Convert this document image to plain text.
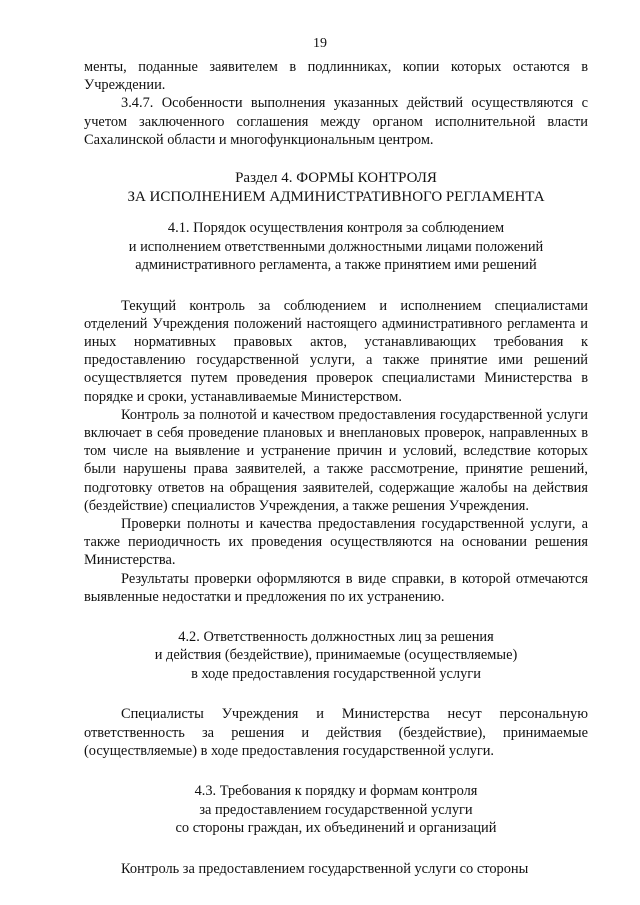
19

менты, поданные заявителем в подлинниках, копии которых остаются в Учреждении.

3.4.7. Особенности выполнения указанных действий осуществляются с учетом заключенного соглашения между органом исполнительной власти Сахалинской области и многофункциональным центром.

Раздел 4. ФОРМЫ КОНТРОЛЯ
ЗА ИСПОЛНЕНИЕМ АДМИНИСТРАТИВНОГО РЕГЛАМЕНТА
4.1. Порядок осуществления контроля за соблюдением
и исполнением ответственными должностными лицами положений
административного регламента, а также принятием ими решений

Текущий контроль за соблюдением и исполнением специалистами отделений Учреждения положений настоящего административного регламента и иных нормативных правовых актов, устанавливающих требования к предоставлению государственной услуги, а также принятие ими решений осуществляется путем проведения проверок специалистами Министерства в порядке и сроки, устанавливаемые Министерством.

Контроль за полнотой и качеством предоставления государственной услуги включает в себя проведение плановых и внеплановых проверок, направленных в том числе на выявление и устранение причин и условий, вследствие которых были нарушены права заявителей, а также рассмотрение, принятие решений, подготовку ответов на обращения заявителей, содержащие жалобы на действия (бездействие) специалистов Учреждения, а также решения Учреждения.

Проверки полноты и качества предоставления государственной услуги, а также периодичность их проведения осуществляются на основании решения Министерства.

Результаты проверки оформляются в виде справки, в которой отмечаются выявленные недостатки и предложения по их устранению.

4.2. Ответственность должностных лиц за решения
и действия (бездействие), принимаемые (осуществляемые)
в ходе предоставления государственной услуги

Специалисты Учреждения и Министерства несут персональную ответственность за решения и действия (бездействие), принимаемые (осуществляемые) в ходе предоставления государственной услуги.

4.3. Требования к порядку и формам контроля
за предоставлением государственной услуги
со стороны граждан, их объединений и организаций

Контроль за предоставлением государственной услуги со стороны
